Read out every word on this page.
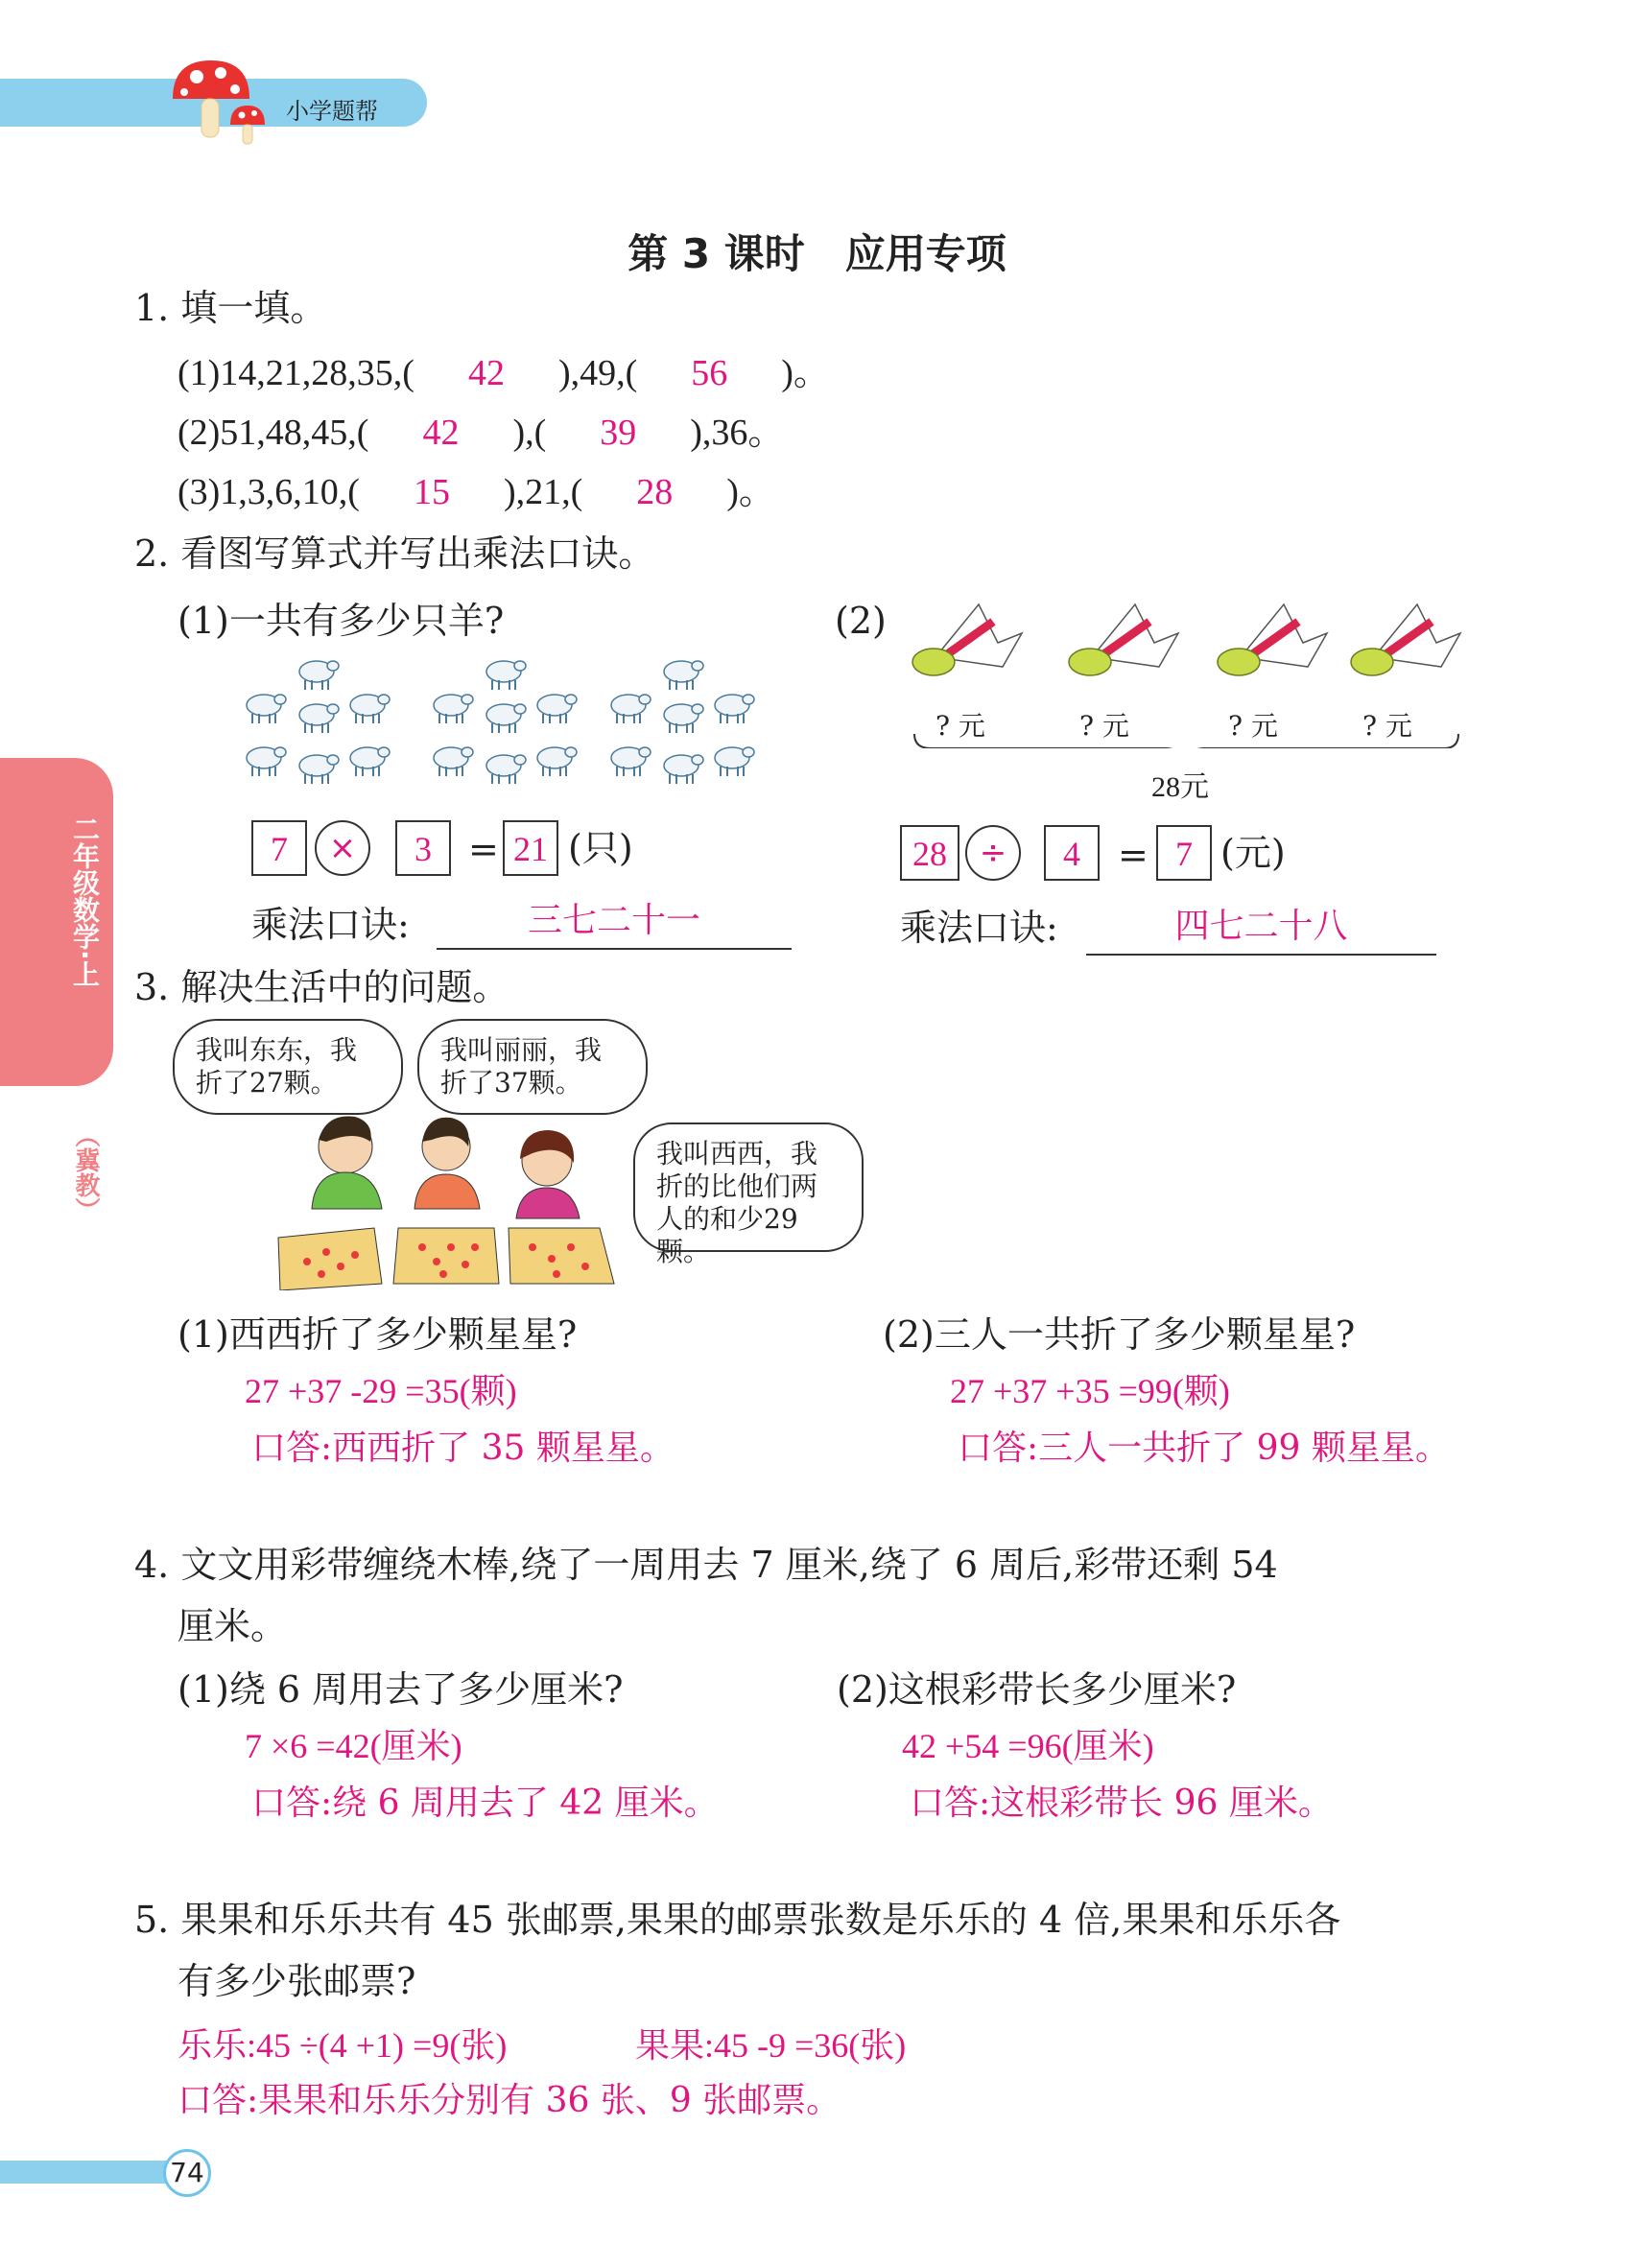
小学题帮
第 3 课时　应用专项
二年级数学·上
（冀教）
1. 填一填。
(1)14,21,28,35,( 42 ),49,( 56 )。
(2)51,48,45,( 42 ),( 39 ),36。
(3)1,3,6,10,( 15 ),21,( 28 )。
2. 看图写算式并写出乘法口诀。
(1)一共有多少只羊?
7	×	3	= 21 (只)
乘法口诀:	三七二十一
(2)
? 元	? 元	? 元	? 元
28元
28 ÷	4	= 7 (元)
乘法口诀:	四七二十八
3. 解决生活中的问题。
我叫东东，我折了27颗。
我叫丽丽，我折了37颗。
我叫西西，我折的比他们两人的和少29颗。
(1)西西折了多少颗星星?
27 +37 -29 =35(颗)
口答:西西折了 35 颗星星。
(2)三人一共折了多少颗星星?
27 +37 +35 =99(颗)
口答:三人一共折了 99 颗星星。
4. 文文用彩带缠绕木棒,绕了一周用去 7 厘米,绕了 6 周后,彩带还剩 54
厘米。
(1)绕 6 周用去了多少厘米?
7 ×6 =42(厘米)
口答:绕 6 周用去了 42 厘米。
(2)这根彩带长多少厘米?
42 +54 =96(厘米)
口答:这根彩带长 96 厘米。
5. 果果和乐乐共有 45 张邮票,果果的邮票张数是乐乐的 4 倍,果果和乐乐各
有多少张邮票?
乐乐:45 ÷(4 +1) =9(张)	果果:45 -9 =36(张)
口答:果果和乐乐分别有 36 张、9 张邮票。
74
